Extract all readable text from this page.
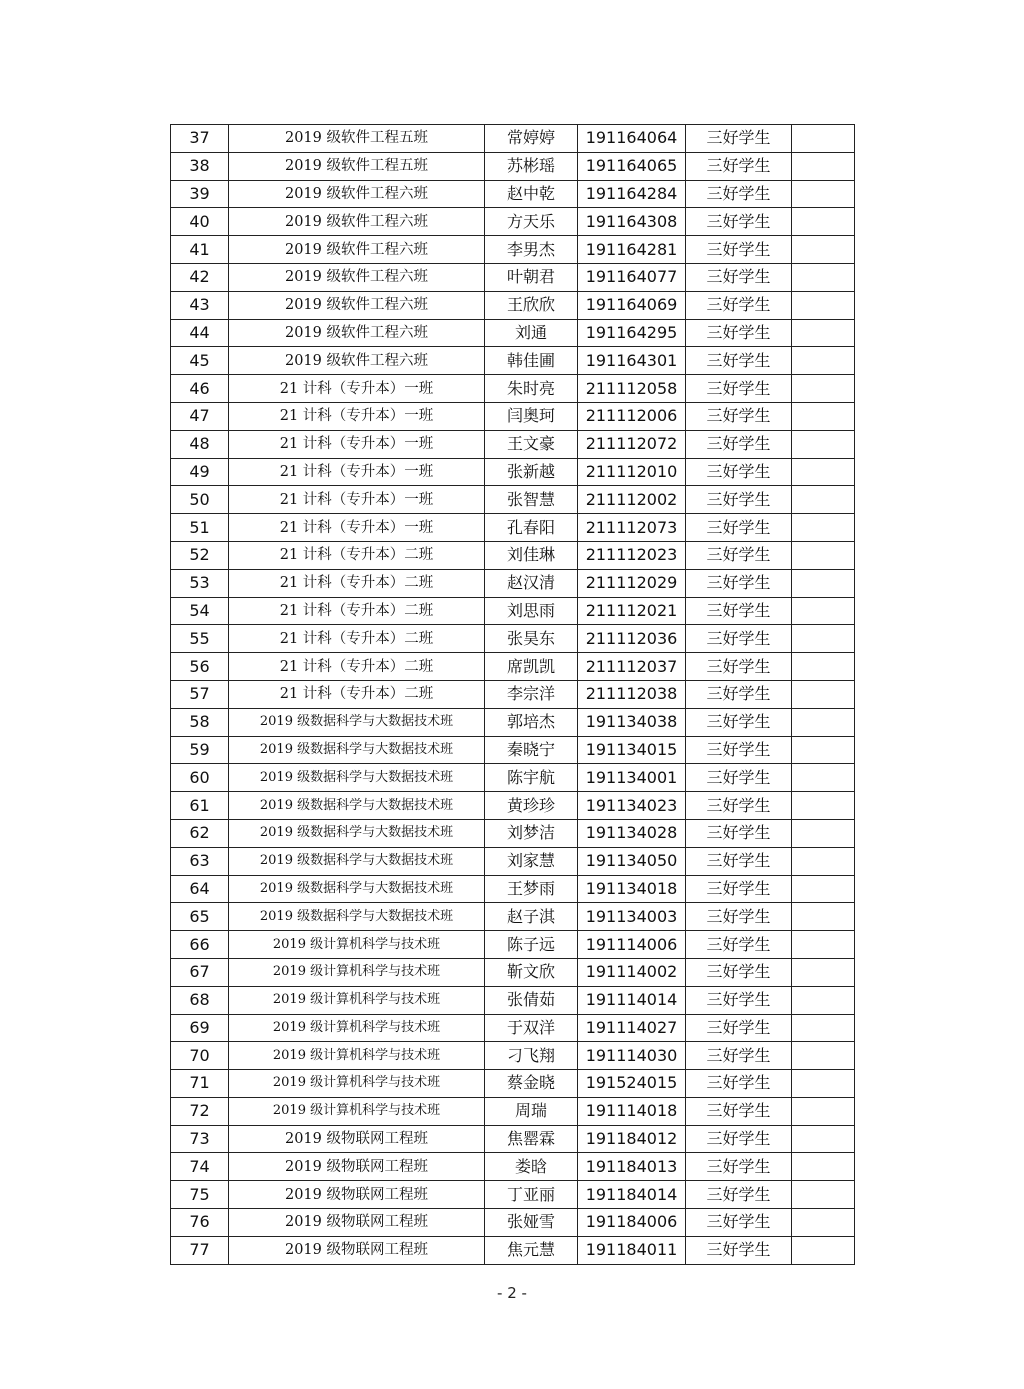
37	2019 级软件工程五班	常婷婷	191164064	三好学生	
38	2019 级软件工程五班	苏彬瑶	191164065	三好学生	
39	2019 级软件工程六班	赵中乾	191164284	三好学生	
40	2019 级软件工程六班	方天乐	191164308	三好学生	
41	2019 级软件工程六班	李男杰	191164281	三好学生	
42	2019 级软件工程六班	叶朝君	191164077	三好学生	
43	2019 级软件工程六班	王欣欣	191164069	三好学生	
44	2019 级软件工程六班	刘通	191164295	三好学生	
45	2019 级软件工程六班	韩佳圃	191164301	三好学生	
46	21 计科（专升本）一班	朱时亮	211112058	三好学生	
47	21 计科（专升本）一班	闫奥珂	211112006	三好学生	
48	21 计科（专升本）一班	王文豪	211112072	三好学生	
49	21 计科（专升本）一班	张新越	211112010	三好学生	
50	21 计科（专升本）一班	张智慧	211112002	三好学生	
51	21 计科（专升本）一班	孔春阳	211112073	三好学生	
52	21 计科（专升本）二班	刘佳琳	211112023	三好学生	
53	21 计科（专升本）二班	赵汉清	211112029	三好学生	
54	21 计科（专升本）二班	刘思雨	211112021	三好学生	
55	21 计科（专升本）二班	张昊东	211112036	三好学生	
56	21 计科（专升本）二班	席凯凯	211112037	三好学生	
57	21 计科（专升本）二班	李宗洋	211112038	三好学生	
58	2019 级数据科学与大数据技术班	郭培杰	191134038	三好学生	
59	2019 级数据科学与大数据技术班	秦晓宁	191134015	三好学生	
60	2019 级数据科学与大数据技术班	陈宇航	191134001	三好学生	
61	2019 级数据科学与大数据技术班	黄珍珍	191134023	三好学生	
62	2019 级数据科学与大数据技术班	刘梦洁	191134028	三好学生	
63	2019 级数据科学与大数据技术班	刘家慧	191134050	三好学生	
64	2019 级数据科学与大数据技术班	王梦雨	191134018	三好学生	
65	2019 级数据科学与大数据技术班	赵子淇	191134003	三好学生	
66	2019 级计算机科学与技术班	陈子远	191114006	三好学生	
67	2019 级计算机科学与技术班	靳文欣	191114002	三好学生	
68	2019 级计算机科学与技术班	张倩茹	191114014	三好学生	
69	2019 级计算机科学与技术班	于双洋	191114027	三好学生	
70	2019 级计算机科学与技术班	刁飞翔	191114030	三好学生	
71	2019 级计算机科学与技术班	蔡金晓	191524015	三好学生	
72	2019 级计算机科学与技术班	周瑞	191114018	三好学生	
73	2019 级物联网工程班	焦罂霖	191184012	三好学生	
74	2019 级物联网工程班	娄晗	191184013	三好学生	
75	2019 级物联网工程班	丁亚丽	191184014	三好学生	
76	2019 级物联网工程班	张娅雪	191184006	三好学生	
77	2019 级物联网工程班	焦元慧	191184011	三好学生	
- 2 -
